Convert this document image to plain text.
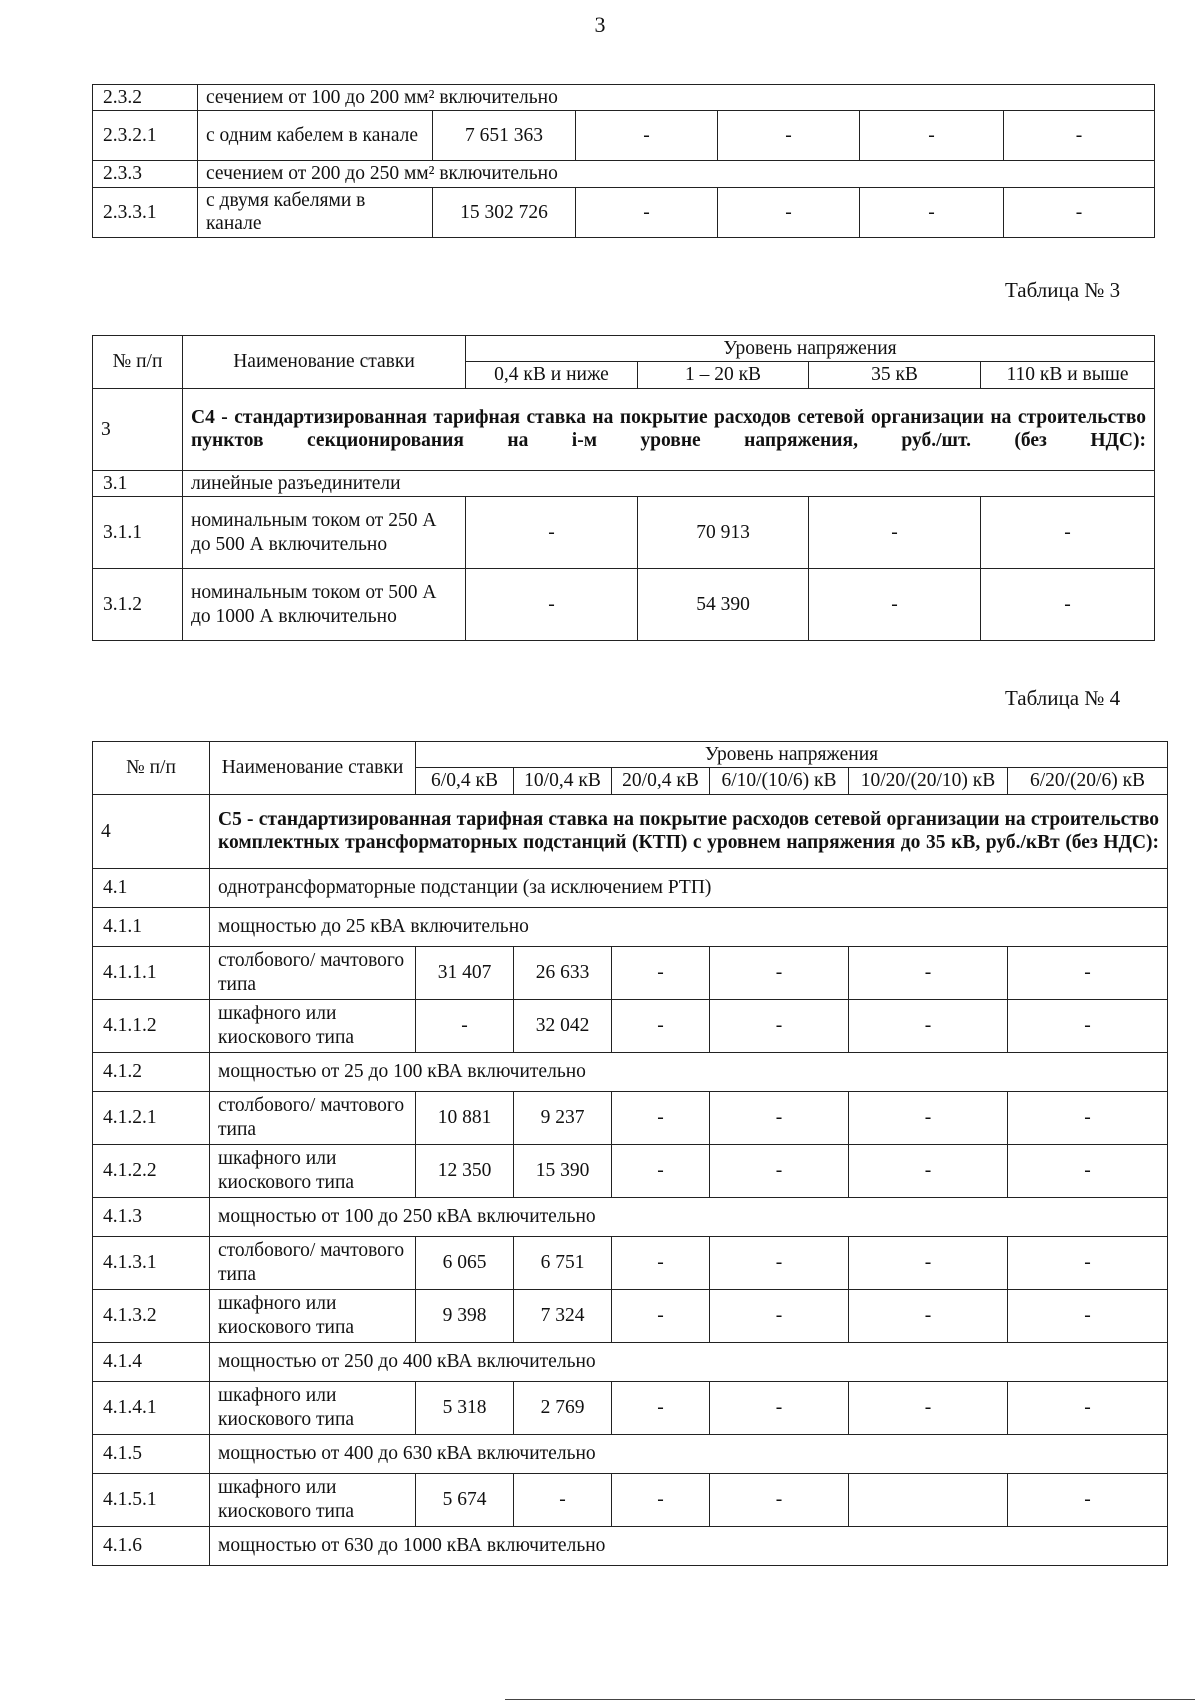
3
2.3.2	сечением от 100 до 200 мм² включительно					
2.3.2.1	с одним кабелем в канале	7 651 363	-	-	-	-
2.3.3	сечением от 200 до 250 мм² включительно					
2.3.3.1	с двумя кабелями в канале	15 302 726	-	-	-	-
Таблица № 3
№ п/п	Наименование ставки	Уровень напряжения			
		0,4 кВ и ниже	1 – 20 кВ	35 кВ	110 кВ и выше
3	С4 - стандартизированная тарифная ставка на покрытие расходов сетевой организации на строительство пунктов секционирования на i-м уровне напряжения, руб./шт. (без НДС):				
3.1	линейные разъединители				
3.1.1	номинальным током от 250 А до 500 А включительно	-	70 913	-	-
3.1.2	номинальным током от 500 А до 1000 А включительно	-	54 390	-	-
Таблица № 4
№ п/п	Наименование ставки	Уровень напряжения					
		6/0,4 кВ	10/0,4 кВ	20/0,4 кВ	6/10/(10/6) кВ	10/20/(20/10) кВ	6/20/(20/6) кВ
4	С5 - стандартизированная тарифная ставка на покрытие расходов сетевой организации на строительство комплектных трансформаторных подстанций (КТП) с уровнем напряжения до 35 кВ, руб./кВт (без НДС):						
4.1	однотрансформаторные подстанции (за исключением РТП)						
4.1.1	мощностью до 25 кВА включительно						
4.1.1.1	столбового/ мачтового типа	31 407	26 633	-	-	-	-
4.1.1.2	шкафного или киоскового типа	-	32 042	-	-	-	-
4.1.2	мощностью от 25 до 100 кВА включительно						
4.1.2.1	столбового/ мачтового типа	10 881	9 237	-	-	-	-
4.1.2.2	шкафного или киоскового типа	12 350	15 390	-	-	-	-
4.1.3	мощностью от 100 до 250 кВА включительно						
4.1.3.1	столбового/ мачтового типа	6 065	6 751	-	-	-	-
4.1.3.2	шкафного или киоскового типа	9 398	7 324	-	-	-	-
4.1.4	мощностью от 250 до 400 кВА включительно						
4.1.4.1	шкафного или киоскового типа	5 318	2 769	-	-	-	-
4.1.5	мощностью от 400 до 630 кВА включительно						
4.1.5.1	шкафного или киоскового типа	5 674	-	-	-		-
4.1.6	мощностью от 630 до 1000 кВА включительно						
